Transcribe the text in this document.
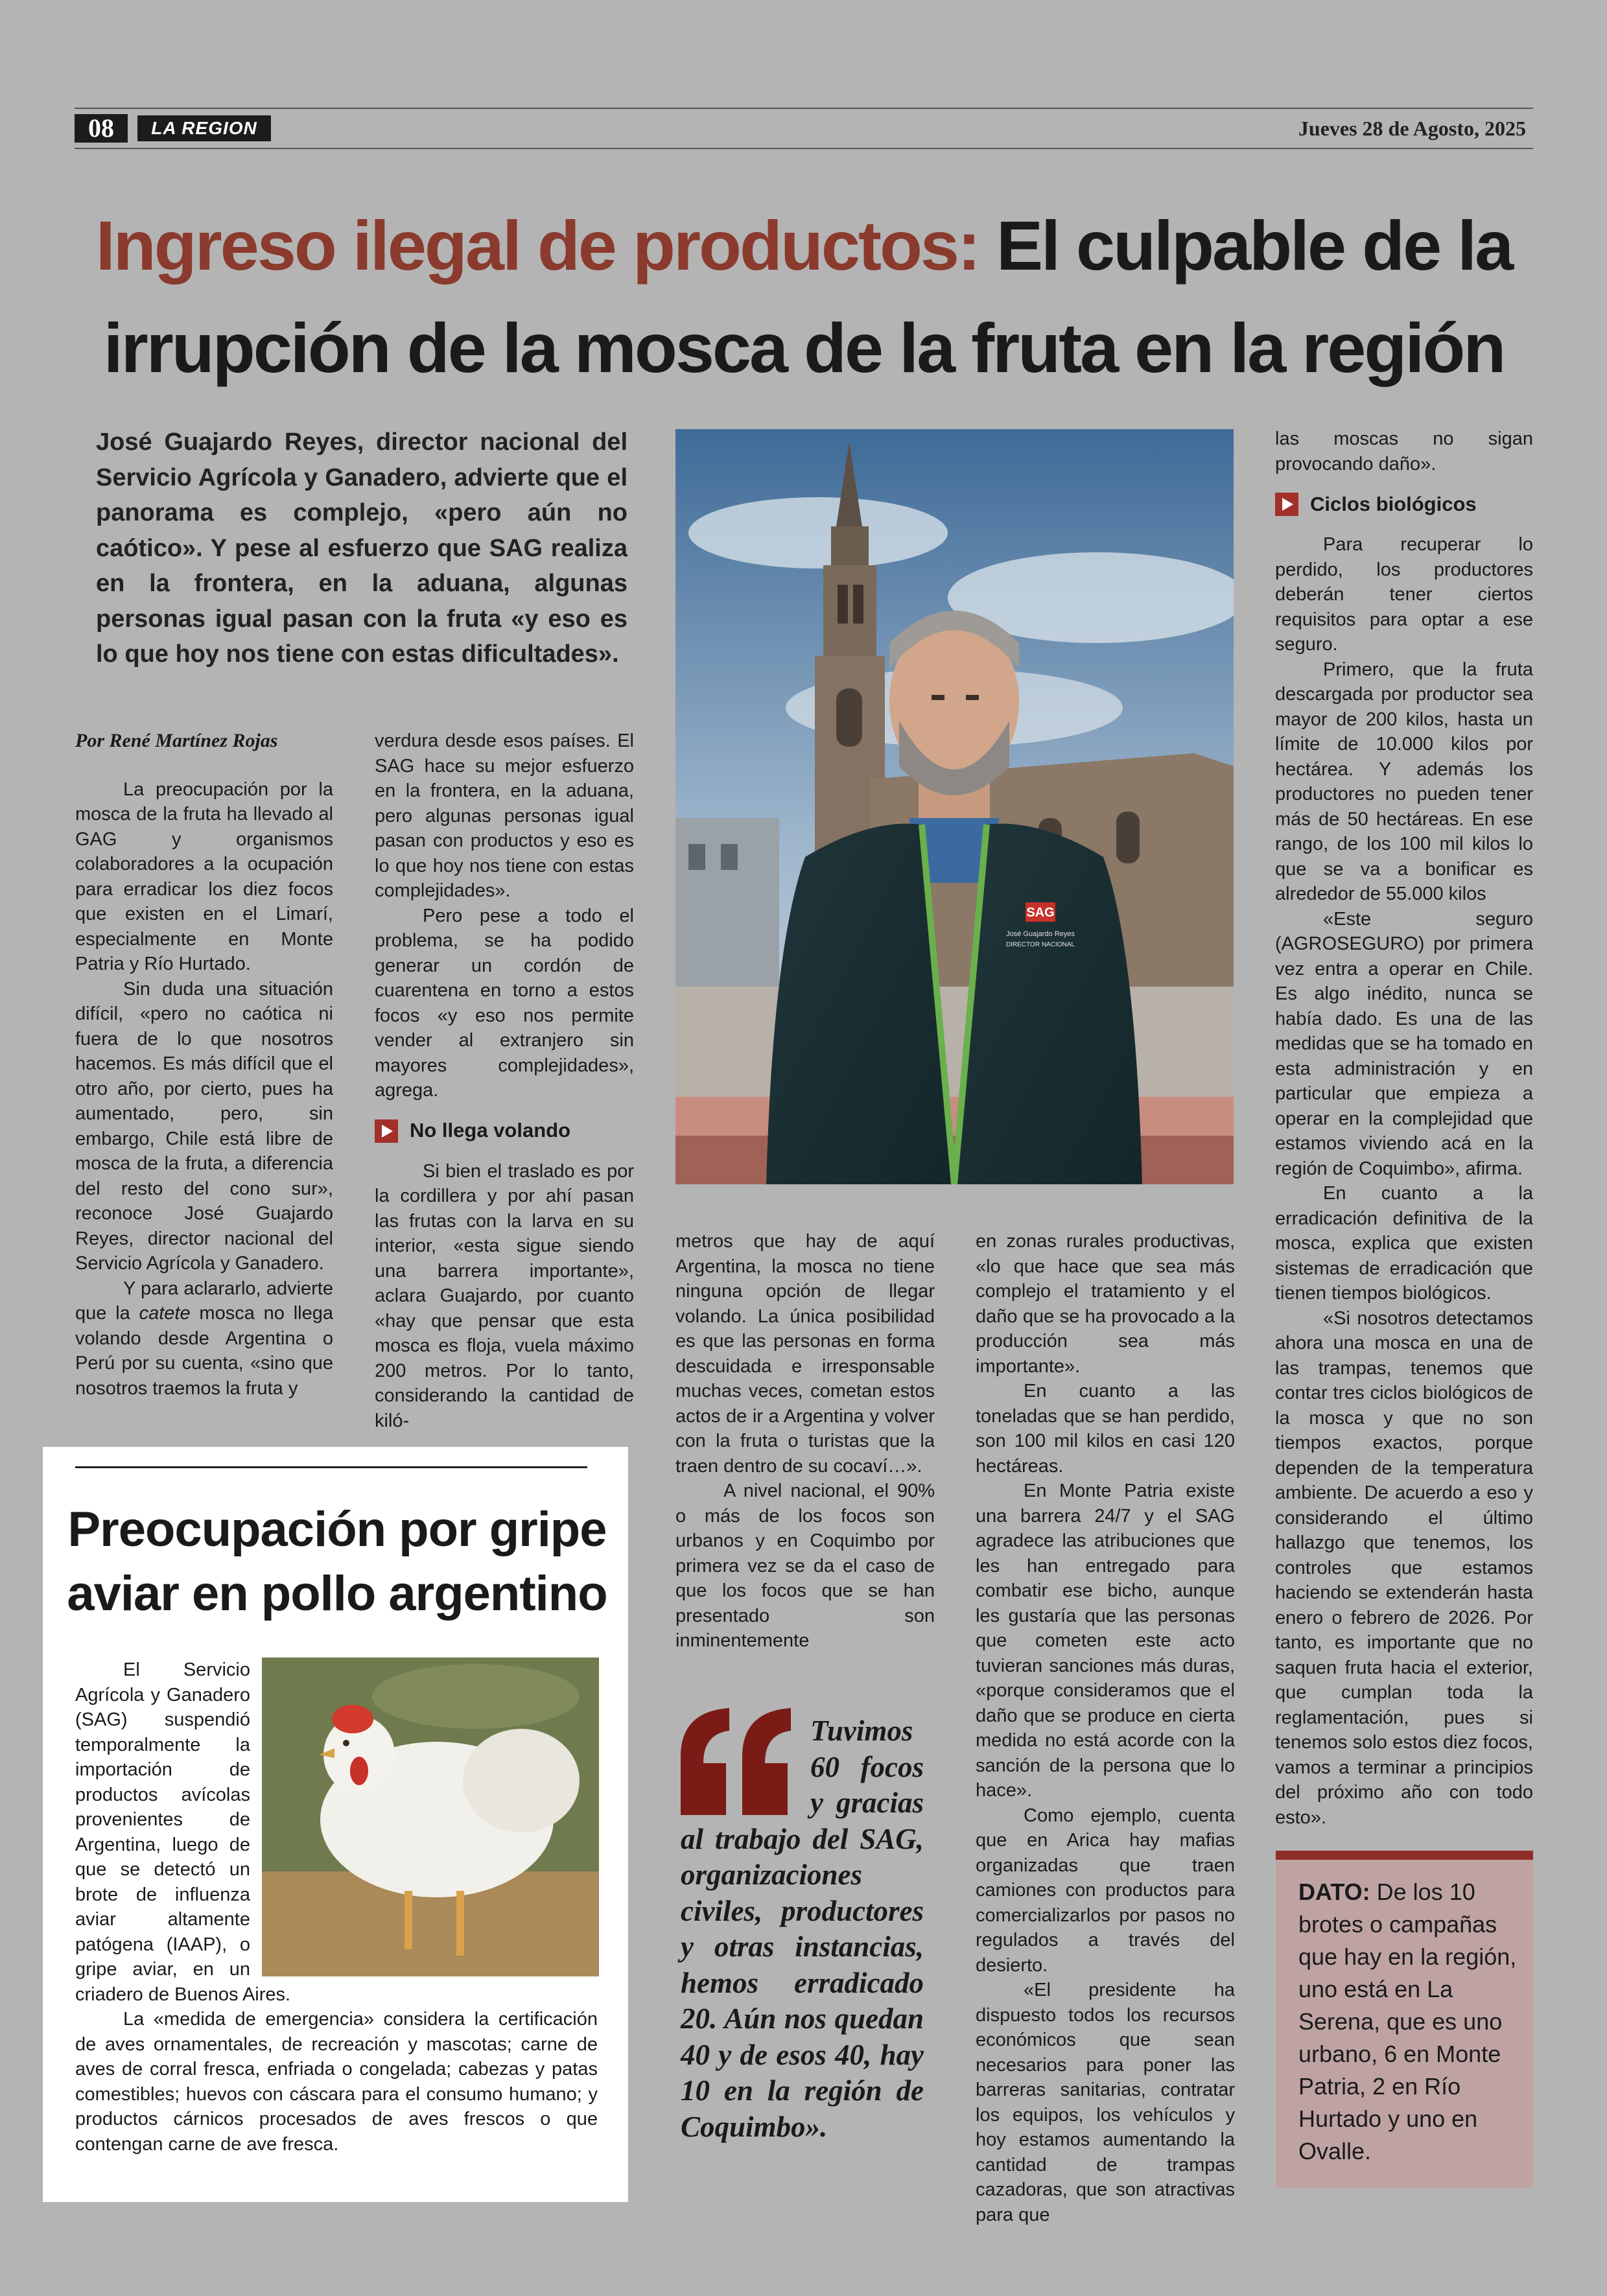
08	LA REGION	Jueves 28 de Agosto, 2025
Ingreso ilegal de productos: El culpable de la irrupción de la mosca de la fruta en la región
José Guajardo Reyes, director nacional del Servicio Agrícola y Ganadero, advierte que el panorama es complejo, «pero aún no caótico». Y pese al esfuerzo que SAG realiza en la frontera, en la aduana, algunas personas igual pasan con la fruta «y eso es lo que hoy nos tiene con estas dificultades».

Por René Martínez Rojas

La preocupación por la mosca de la fruta ha llevado al GAG y organismos colaboradores a la ocupación para erradicar los diez focos que existen en el Limarí, especialmente en Monte Patria y Río Hurtado.

Sin duda una situación difícil, «pero no caótica ni fuera de lo que nosotros hacemos. Es más difícil que el otro año, por cierto, pues ha aumentado, pero, sin embargo, Chile está libre de mosca de la fruta, a diferencia del resto del cono sur», reconoce José Guajardo Reyes, director nacional del Servicio Agrícola y Ganadero.

Y para aclararlo, advierte que la catete mosca no llega volando desde Argentina o Perú por su cuenta, «sino que nosotros traemos la fruta y

verdura desde esos países. El SAG hace su mejor esfuerzo en la frontera, en la aduana, pero algunas personas igual pasan con productos y eso es lo que hoy nos tiene con estas complejidades».

Pero pese a todo el problema, se ha podido generar un cordón de cuarentena en torno a estos focos «y eso nos permite vender al extranjero sin mayores complejidades», agrega.

No llega volando

Si bien el traslado es por la cordillera y por ahí pasan las frutas con la larva en su interior, «esta sigue siendo una barrera importante», aclara Guajardo, por cuanto «hay que pensar que esta mosca es floja, vuela máximo 200 metros. Por lo tanto, considerando la cantidad de kiló-

SAG
José Guajardo Reyes
DIRECTOR NACIONAL

metros que hay de aquí Argentina, la mosca no tiene ninguna opción de llegar volando. La única posibilidad es que las personas en forma descuidada e irresponsable muchas veces, cometan estos actos de ir a Argentina y volver con la fruta o turistas que la traen dentro de su cocaví…».

A nivel nacional, el 90% o más de los focos son urbanos y en Coquimbo por primera vez se da el caso de que los focos que se han presentado son inminentemente

Tuvimos 60 focos y gracias al trabajo del SAG, organizaciones civiles, productores y otras instancias, hemos erradicado 20. Aún nos quedan 40 y de esos 40, hay 10 en la región de Coquimbo».

en zonas rurales productivas, «lo que hace que sea más complejo el tratamiento y el daño que se ha provocado a la producción sea más importante».

En cuanto a las toneladas que se han perdido, son 100 mil kilos en casi 120 hectáreas.

En Monte Patria existe una barrera 24/7 y el SAG agradece las atribuciones que les han entregado para combatir ese bicho, aunque les gustaría que las personas que cometen este acto tuvieran sanciones más duras, «porque consideramos que el daño que se produce en cierta medida no está acorde con la sanción de la persona que lo hace».

Como ejemplo, cuenta que en Arica hay mafias organizadas que traen camiones con productos para comercializarlos por pasos no regulados a través del desierto.

«El presidente ha dispuesto todos los recursos económicos que sean necesarios para poner las barreras sanitarias, contratar los equipos, los vehículos y hoy estamos aumentando la cantidad de trampas cazadoras, que son atractivas para que

las moscas no sigan provocando daño».

Ciclos biológicos

Para recuperar lo perdido, los productores deberán tener ciertos requisitos para optar a ese seguro.

Primero, que la fruta descargada por productor sea mayor de 200 kilos, hasta un límite de 10.000 kilos por hectárea. Y además los productores no pueden tener más de 50 hectáreas. En ese rango, de los 100 mil kilos lo que se va a bonificar es alrededor de 55.000 kilos

«Este seguro (AGROSEGURO) por primera vez entra a operar en Chile. Es algo inédito, nunca se había dado. Es una de las medidas que se ha tomado en esta administración y en particular que empieza a operar en la complejidad que estamos viviendo acá en la región de Coquimbo», afirma.

En cuanto a la erradicación definitiva de la mosca, explica que existen sistemas de erradicación que tienen tiempos biológicos.

«Si nosotros detectamos ahora una mosca en una de las trampas, tenemos que contar tres ciclos biológicos de la mosca y que no son tiempos exactos, porque dependen de la temperatura ambiente. De acuerdo a eso y considerando el último hallazgo que tenemos, los controles que estamos haciendo se extenderán hasta enero o febrero de 2026. Por tanto, es importante que no saquen fruta hacia el exterior, que cumplan toda la reglamentación, pues si tenemos solo estos diez focos, vamos a terminar a principios del próximo año con todo esto».

Preocupación por gripe aviar en pollo argentino

El Servicio Agrícola y Ganadero (SAG) suspendió temporalmente la importación de productos avícolas provenientes de Argentina, luego de que se detectó un brote de influenza aviar altamente patógena (IAAP), o gripe aviar, en un criadero de Buenos Aires.

La «medida de emergencia» considera la certificación de aves ornamentales, de recreación y mascotas; carne de aves de corral fresca, enfriada o congelada; cabezas y patas comestibles; huevos con cáscara para el consumo humano; y productos cárnicos procesados de aves frescos o que contengan carne de ave fresca.

DATO: De los 10 brotes o campañas que hay en la región, uno está en La Serena, que es uno urbano, 6 en Monte Patria, 2 en Río Hurtado y uno en Ovalle.
